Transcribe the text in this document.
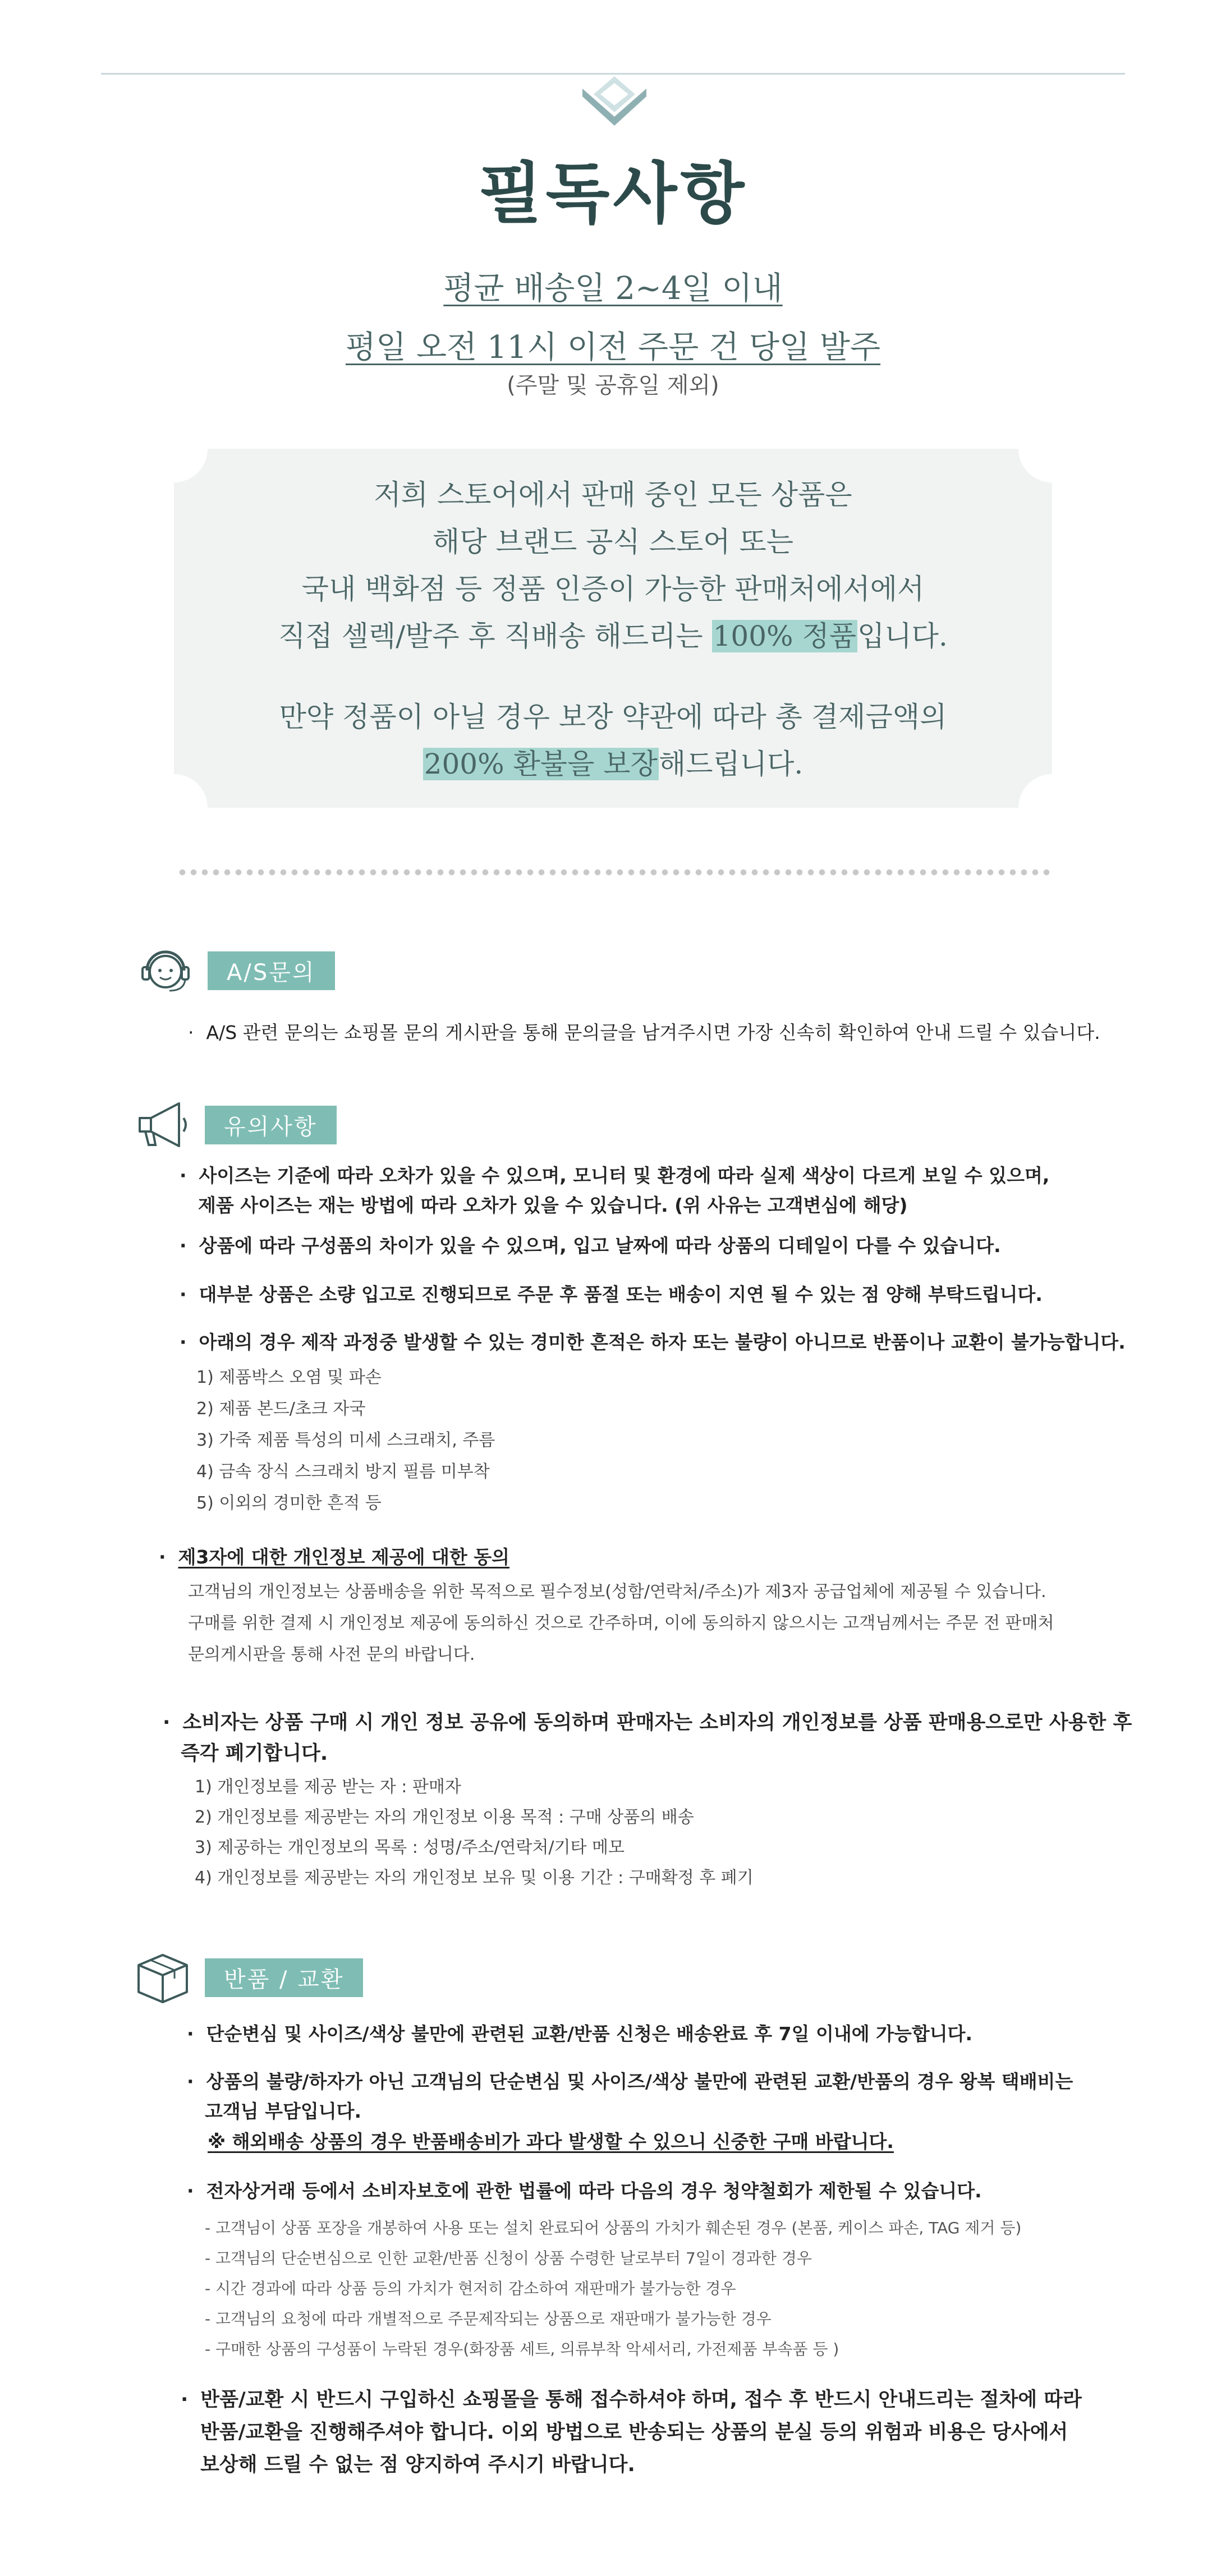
필독사항
평균 배송일 2~4일 이내
평일 오전 11시 이전 주문 건 당일 발주
(주말 및 공휴일 제외)
저희 스토어에서 판매 중인 모든 상품은
해당 브랜드 공식 스토어 또는
국내 백화점 등 정품 인증이 가능한 판매처에서에서
직접 셀렉/발주 후 직배송 해드리는 100% 정품입니다.
만약 정품이 아닐 경우 보장 약관에 따라 총 결제금액의
200% 환불을 보장해드립니다.
A/S문의
· A/S 관련 문의는 쇼핑몰 문의 게시판을 통해 문의글을 남겨주시면 가장 신속히 확인하여 안내 드릴 수 있습니다.
유의사항
· 사이즈는 기준에 따라 오차가 있을 수 있으며, 모니터 및 환경에 따라 실제 색상이 다르게 보일 수 있으며,
제품 사이즈는 재는 방법에 따라 오차가 있을 수 있습니다. (위 사유는 고객변심에 해당)
· 상품에 따라 구성품의 차이가 있을 수 있으며, 입고 날짜에 따라 상품의 디테일이 다를 수 있습니다.
· 대부분 상품은 소량 입고로 진행되므로 주문 후 품절 또는 배송이 지연 될 수 있는 점 양해 부탁드립니다.
· 아래의 경우 제작 과정중 발생할 수 있는 경미한 흔적은 하자 또는 불량이 아니므로 반품이나 교환이 불가능합니다.
1) 제품박스 오염 및 파손
2) 제품 본드/초크 자국
3) 가죽 제품 특성의 미세 스크래치, 주름
4) 금속 장식 스크래치 방지 필름 미부착
5) 이외의 경미한 흔적 등
· 제3자에 대한 개인정보 제공에 대한 동의
고객님의 개인정보는 상품배송을 위한 목적으로 필수정보(성함/연락처/주소)가 제3자 공급업체에 제공될 수 있습니다.
구매를 위한 결제 시 개인정보 제공에 동의하신 것으로 간주하며, 이에 동의하지 않으시는 고객님께서는 주문 전 판매처
문의게시판을 통해 사전 문의 바랍니다.
· 소비자는 상품 구매 시 개인 정보 공유에 동의하며 판매자는 소비자의 개인정보를 상품 판매용으로만 사용한 후
즉각 폐기합니다.
1) 개인정보를 제공 받는 자 : 판매자
2) 개인정보를 제공받는 자의 개인정보 이용 목적 : 구매 상품의 배송
3) 제공하는 개인정보의 목록 : 성명/주소/연락처/기타 메모
4) 개인정보를 제공받는 자의 개인정보 보유 및 이용 기간 : 구매확정 후 폐기
반품 / 교환
· 단순변심 및 사이즈/색상 불만에 관련된 교환/반품 신청은 배송완료 후 7일 이내에 가능합니다.
· 상품의 불량/하자가 아닌 고객님의 단순변심 및 사이즈/색상 불만에 관련된 교환/반품의 경우 왕복 택배비는
고객님 부담입니다.
※ 해외배송 상품의 경우 반품배송비가 과다 발생할 수 있으니 신중한 구매 바랍니다.
· 전자상거래 등에서 소비자보호에 관한 법률에 따라 다음의 경우 청약철회가 제한될 수 있습니다.
- 고객님이 상품 포장을 개봉하여 사용 또는 설치 완료되어 상품의 가치가 훼손된 경우 (본품, 케이스 파손, TAG 제거 등)
- 고객님의 단순변심으로 인한 교환/반품 신청이 상품 수령한 날로부터 7일이 경과한 경우
- 시간 경과에 따라 상품 등의 가치가 현저히 감소하여 재판매가 불가능한 경우
- 고객님의 요청에 따라 개별적으로 주문제작되는 상품으로 재판매가 불가능한 경우
- 구매한 상품의 구성품이 누락된 경우(화장품 세트, 의류부착 악세서리, 가전제품 부속품 등 )
· 반품/교환 시 반드시 구입하신 쇼핑몰을 통해 접수하셔야 하며, 접수 후 반드시 안내드리는 절차에 따라
반품/교환을 진행해주셔야 합니다. 이외 방법으로 반송되는 상품의 분실 등의 위험과 비용은 당사에서
보상해 드릴 수 없는 점 양지하여 주시기 바랍니다.
